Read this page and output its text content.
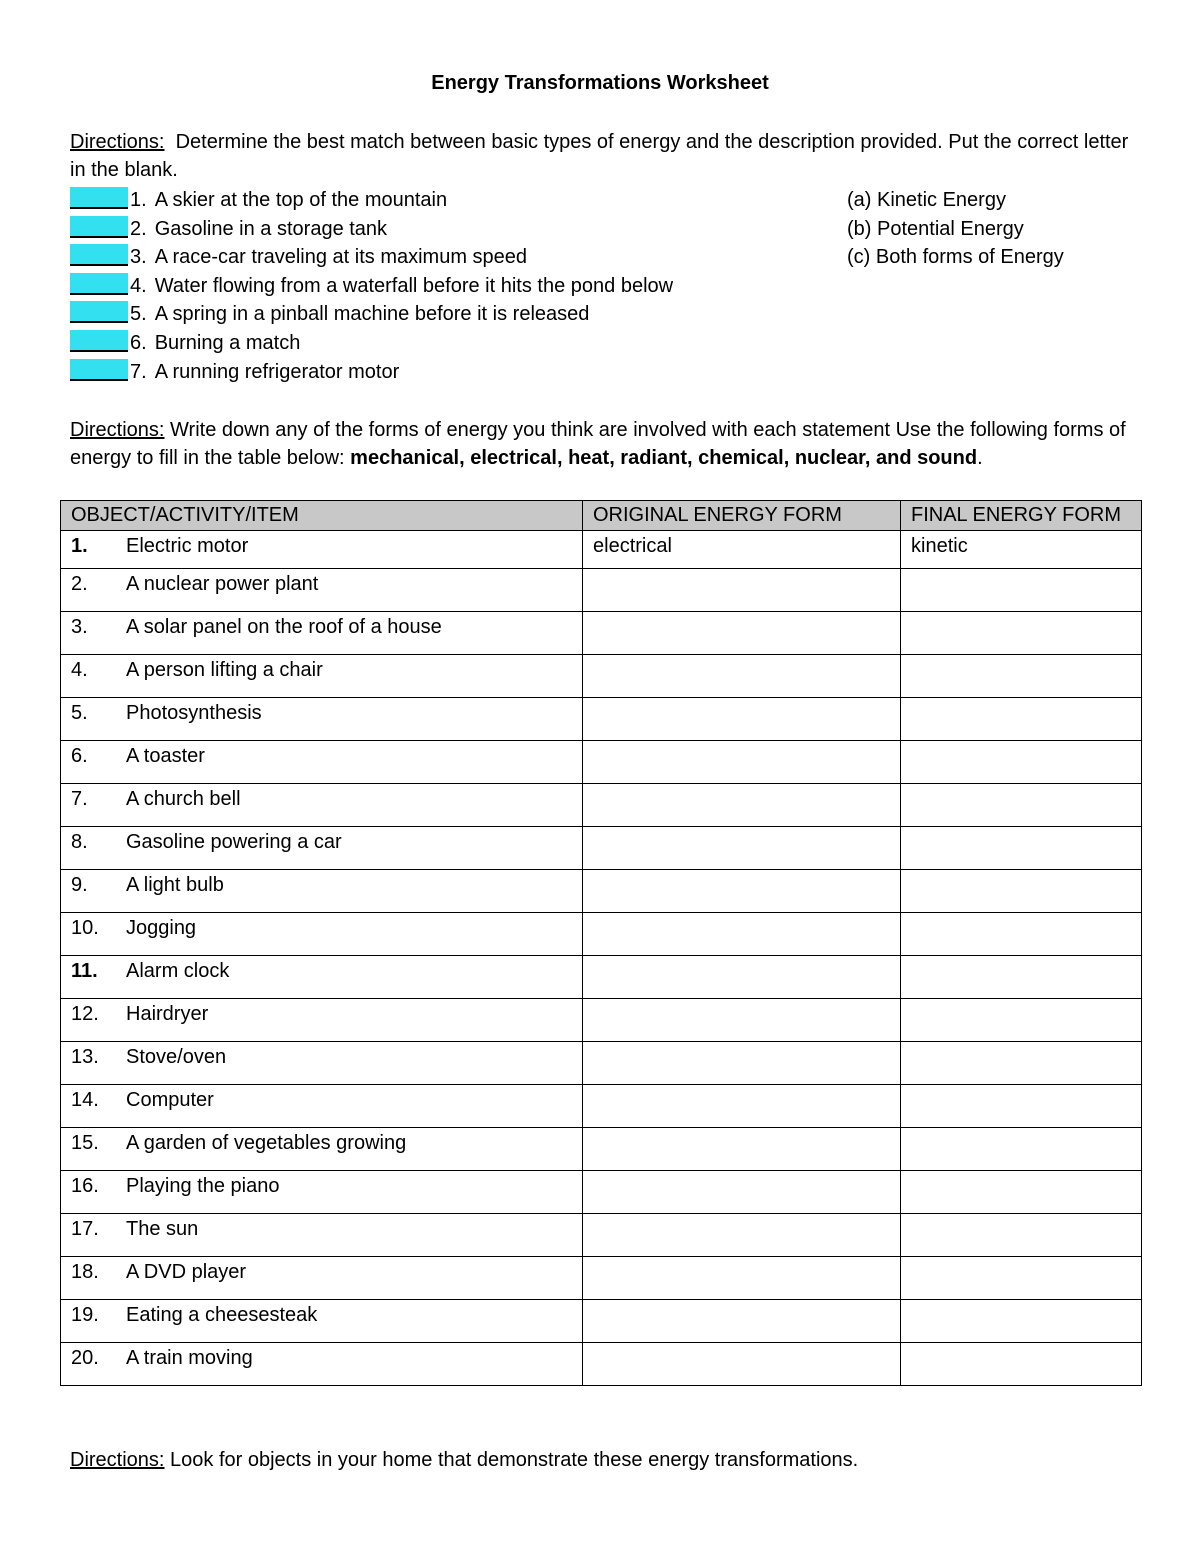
Energy Transformations Worksheet
Directions:  Determine the best match between basic types of energy and the description provided. Put the correct letter in the blank.
1. A skier at the top of the mountain
2. Gasoline in a storage tank
3. A race-car traveling at its maximum speed
4. Water flowing from a waterfall before it hits the pond below
5. A spring in a pinball machine before it is released
6. Burning a match
7. A running refrigerator motor
(a) Kinetic Energy
(b) Potential Energy
(c) Both forms of Energy
Directions: Write down any of the forms of energy you think are involved with each statement Use the following forms of energy to fill in the table below: mechanical, electrical, heat, radiant, chemical, nuclear, and sound.
OBJECT/ACTIVITY/ITEM	ORIGINAL ENERGY FORM	FINAL ENERGY FORM
1. Electric motor	electrical	kinetic
2. A nuclear power plant		
3. A solar panel on the roof of a house		
4. A person lifting a chair		
5. Photosynthesis		
6. A toaster		
7. A church bell		
8. Gasoline powering a car		
9. A light bulb		
10. Jogging		
11. Alarm clock		
12. Hairdryer		
13. Stove/oven		
14. Computer		
15. A garden of vegetables growing		
16. Playing the piano		
17. The sun		
18. A DVD player		
19. Eating a cheesesteak		
20. A train moving		
Directions: Look for objects in your home that demonstrate these energy transformations.
